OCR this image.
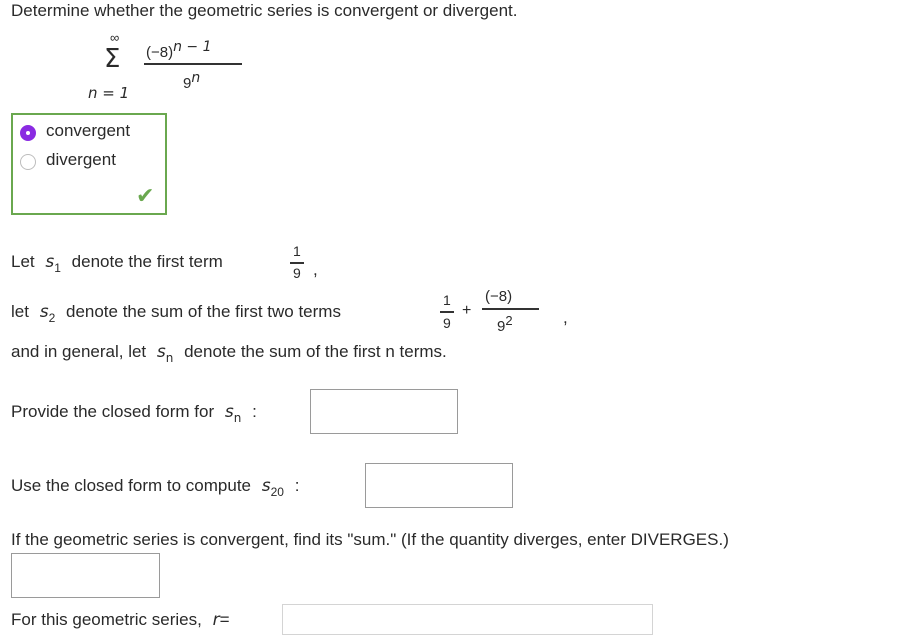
Determine whether the geometric series is convergent or divergent.
∞
Σ
n = 1
$(-8)^{n - 1}$
9$^n$
convergent
divergent
✔
Let $s_1$ denote the first term
1
9 ,
let $s_2$ denote the sum of the first two terms
1
9
+
(−8)
$9^2$	,
and in general, let $s_n$ denote the sum of the first n terms.
Provide the closed form for $s_n$ :
Use the closed form to compute $s_{20}$ :
If the geometric series is convergent, find its "sum." (If the quantity diverges, enter DIVERGES.)
For this geometric series, r=
